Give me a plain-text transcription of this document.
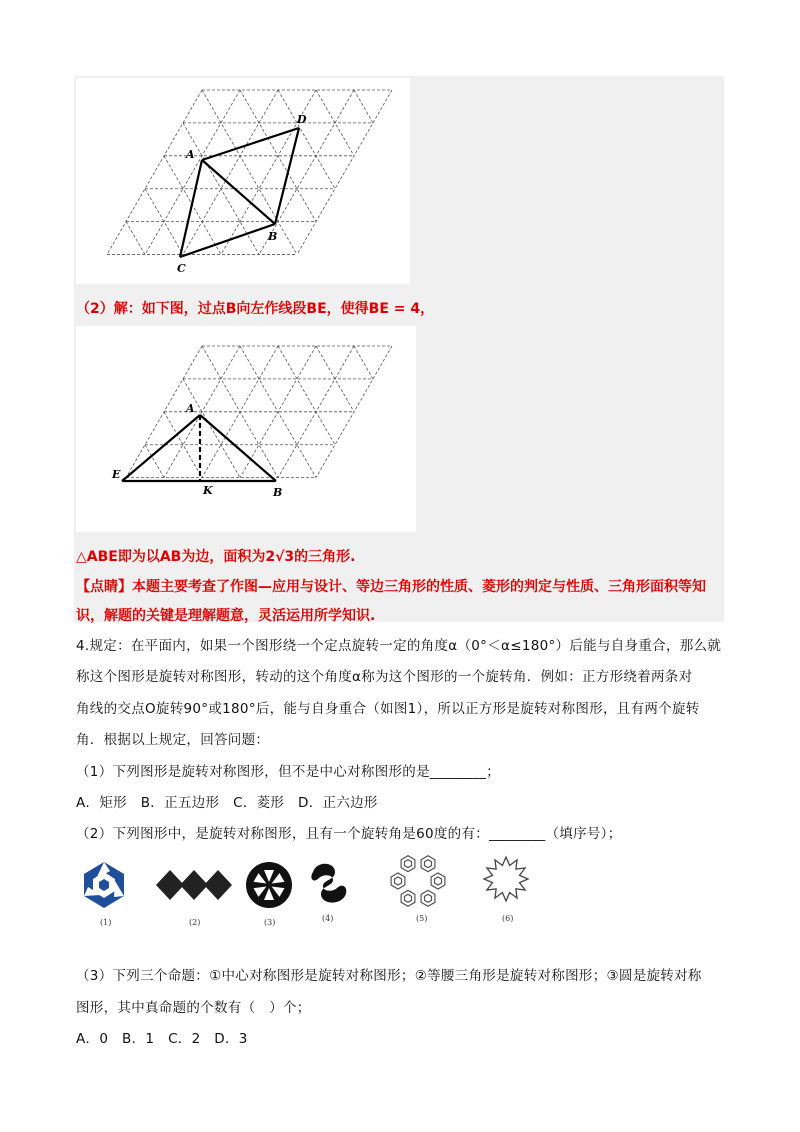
A
D
B
C
（2）解：如下图，过点B向左作线段BE，使得BE = 4，
A
E
K	B
△ABE即为以AB为边，面积为2√3的三角形.
【点睛】本题主要考查了作图—应用与设计、等边三角形的性质、菱形的判定与性质、三角形面积等知
识，解题的关键是理解题意，灵活运用所学知识.
4.规定：在平面内，如果一个图形绕一个定点旋转一定的角度α（0°＜α≤180°）后能与自身重合，那么就
称这个图形是旋转对称图形，转动的这个角度α称为这个图形的一个旋转角．例如：正方形绕着两条对
角线的交点O旋转90°或180°后，能与自身重合（如图1），所以正方形是旋转对称图形，且有两个旋转
角．根据以上规定，回答问题：
（1）下列图形是旋转对称图形，但不是中心对称图形的是________；
A．矩形　B．正五边形　C．菱形　D．正六边形
（2）下列图形中，是旋转对称图形，且有一个旋转角是60度的有：________（填序号）；
(1)	(2)	(3)	(4)	(5)	(6)
（3）下列三个命题：①中心对称图形是旋转对称图形；②等腰三角形是旋转对称图形；③圆是旋转对称
图形，其中真命题的个数有（　）个；
A．0　B．1　C．2　D．3
